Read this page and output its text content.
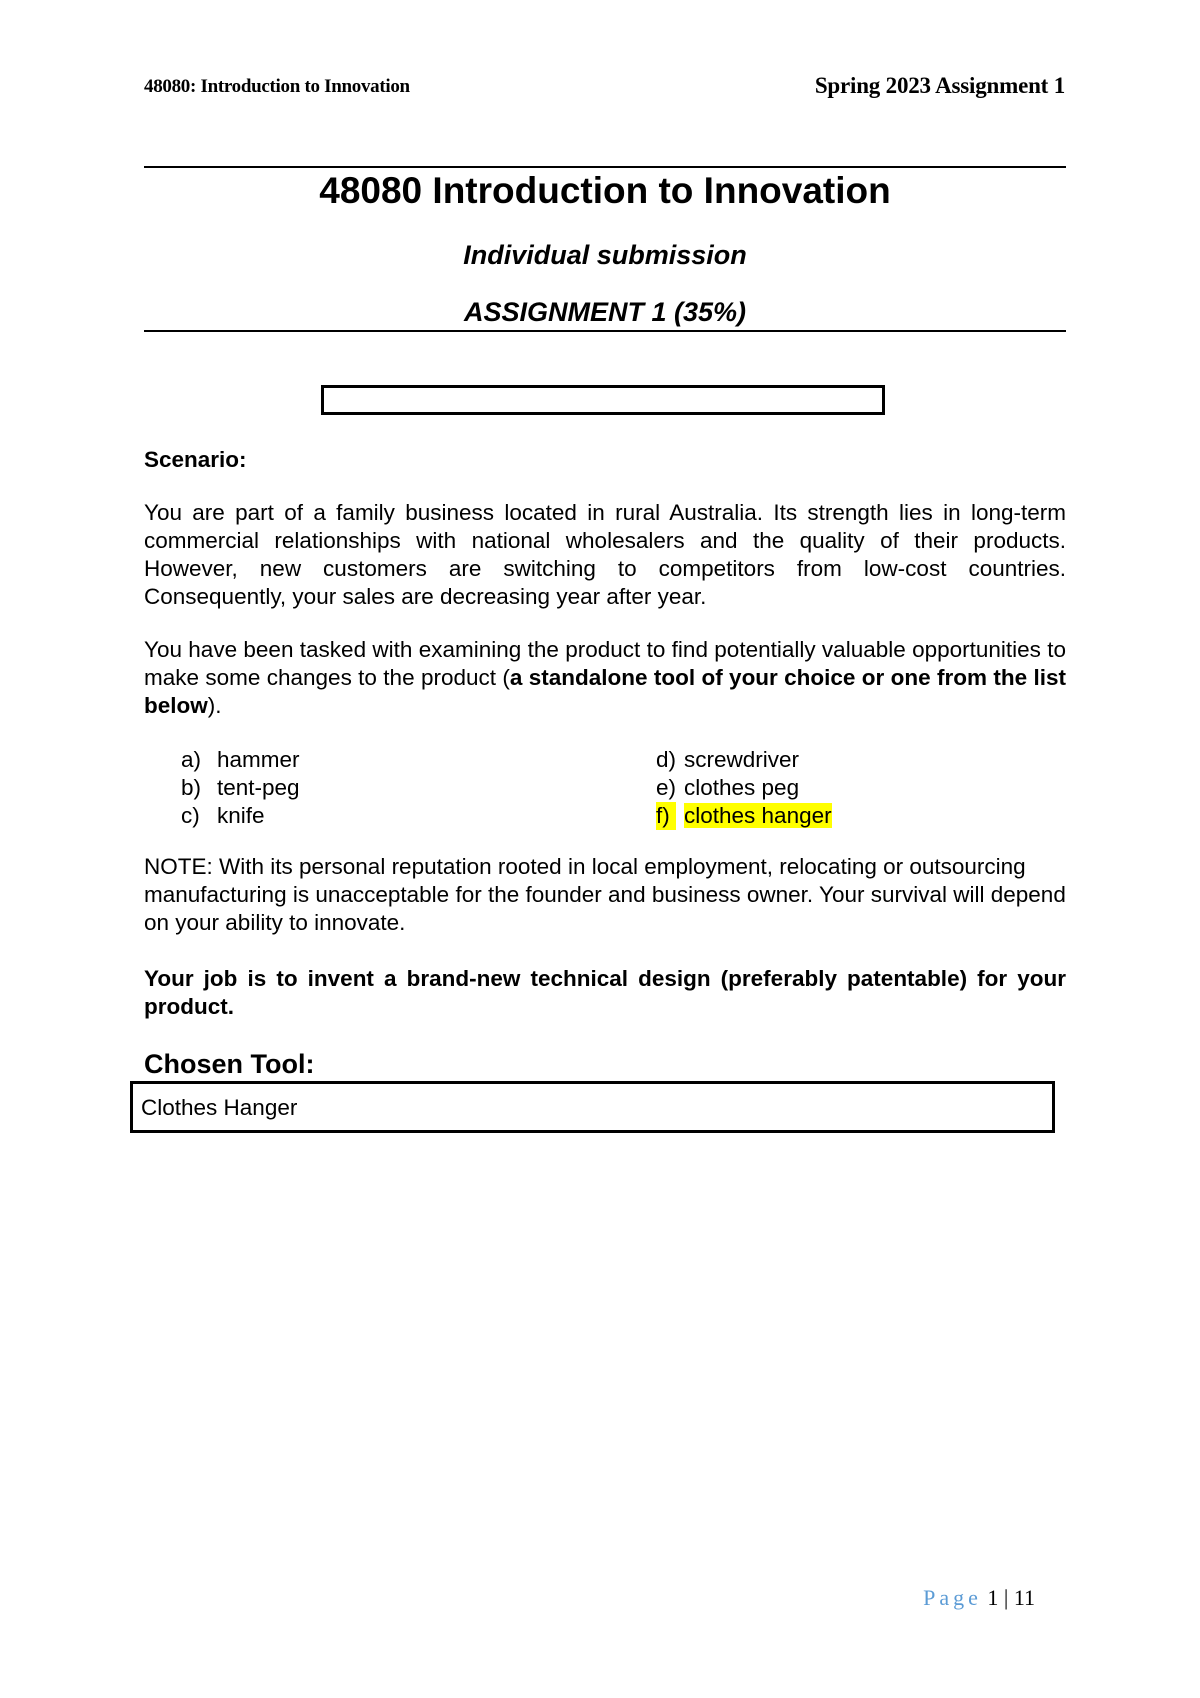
48080: Introduction to Innovation	Spring 2023 Assignment 1
48080 Introduction to Innovation
Individual submission
ASSIGNMENT 1 (35%)
Scenario:
You are part of a family business located in rural Australia. Its strength lies in long-term commercial relationships with national wholesalers and the quality of their products. However, new customers are switching to competitors from low-cost countries. Consequently, your sales are decreasing year after year.
You have been tasked with examining the product to find potentially valuable opportunities to make some changes to the product (a standalone tool of your choice or one from the list below).
a) hammer
b) tent-peg
c) knife
d) screwdriver
e) clothes peg
f) clothes hanger
NOTE: With its personal reputation rooted in local employment, relocating or outsourcing manufacturing is unacceptable for the founder and business owner. Your survival will depend on your ability to innovate.
Your job is to invent a brand-new technical design (preferably patentable) for your product.
Chosen Tool:
Clothes Hanger
Page 1 | 11
